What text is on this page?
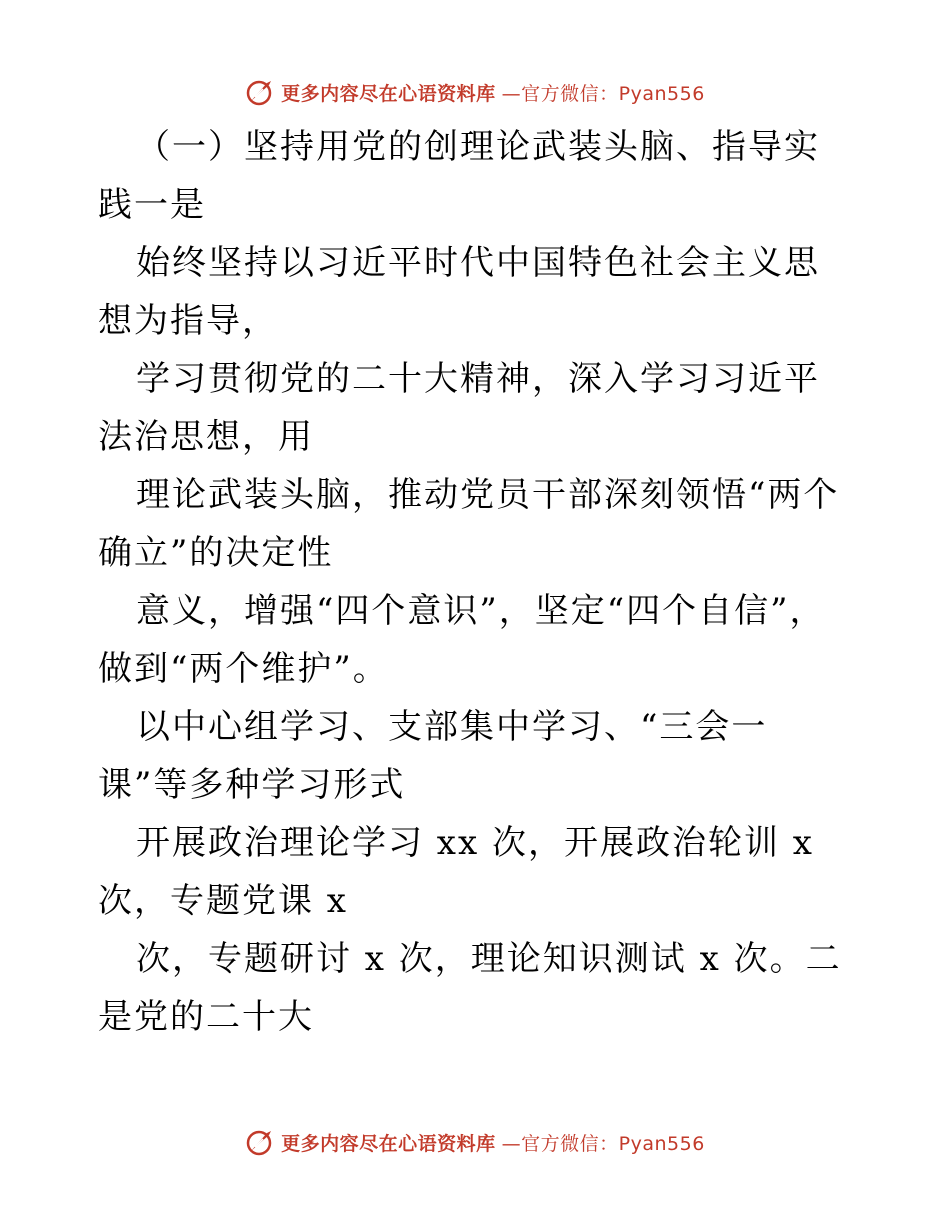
更多内容尽在心语资料库 —官方微信：Pyan556

（一）坚持用党的创理论武装头脑、指导实践一是

始终坚持以习近平时代中国特色社会主义思想为指导，

学习贯彻党的二十大精神，深入学习习近平法治思想，用

理论武装头脑，推动党员干部深刻领悟“两个确立”的决定性

意义，增强“四个意识”，坚定“四个自信”，做到“两个维护”。

以中心组学习、支部集中学习、“三会一课”等多种学习形式

开展政治理论学习 xx 次，开展政治轮训 x 次，专题党课 x

次，专题研讨 x 次，理论知识测试 x 次。二是党的二十大

更多内容尽在心语资料库 —官方微信：Pyan556
